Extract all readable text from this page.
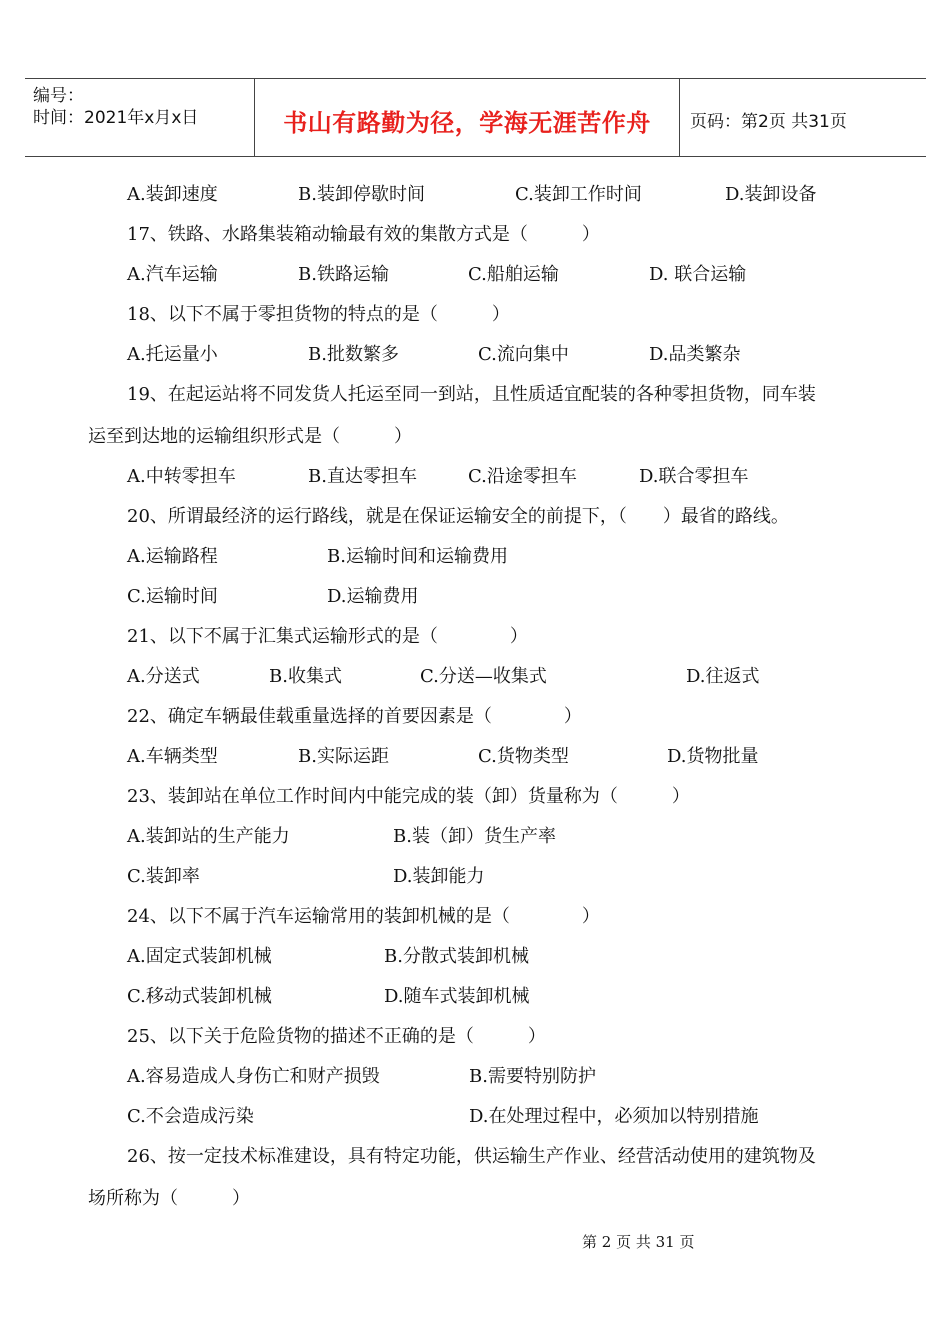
编号：
时间：2021年x月x日	书山有路勤为径，学海无涯苦作舟	页码：第2页 共31页
A.装卸速度	B.装卸停歇时间	C.装卸工作时间	D.装卸设备
17、铁路、水路集装箱动输最有效的集散方式是（　　　）
A.汽车运输	B.铁路运输	C.船舶运输	D. 联合运输
18、以下不属于零担货物的特点的是（　　　）
A.托运量小	B.批数繁多	C.流向集中	D.品类繁杂
19、在起运站将不同发货人托运至同一到站，且性质适宜配装的各种零担货物，同车装
运至到达地的运输组织形式是（　　　）
A.中转零担车	B.直达零担车	C.沿途零担车	D.联合零担车
20、所谓最经济的运行路线，就是在保证运输安全的前提下，（　　）最省的路线。
A.运输路程	B.运输时间和运输费用
C.运输时间	D.运输费用
21、以下不属于汇集式运输形式的是（　　　　）
A.分送式	B.收集式	C.分送—收集式	D.往返式
22、确定车辆最佳载重量选择的首要因素是（　　　　）
A.车辆类型	B.实际运距	C.货物类型	D.货物批量
23、装卸站在单位工作时间内中能完成的装（卸）货量称为（　　　）
A.装卸站的生产能力	B.装（卸）货生产率
C.装卸率	D.装卸能力
24、以下不属于汽车运输常用的装卸机械的是（　　　　）
A.固定式装卸机械	B.分散式装卸机械
C.移动式装卸机械	D.随车式装卸机械
25、以下关于危险货物的描述不正确的是（　　　）
A.容易造成人身伤亡和财产损毁	B.需要特别防护
C.不会造成污染	D.在处理过程中，必须加以特别措施
26、按一定技术标准建设，具有特定功能，供运输生产作业、经营活动使用的建筑物及
场所称为（　　　）
第 2 页 共 31 页
